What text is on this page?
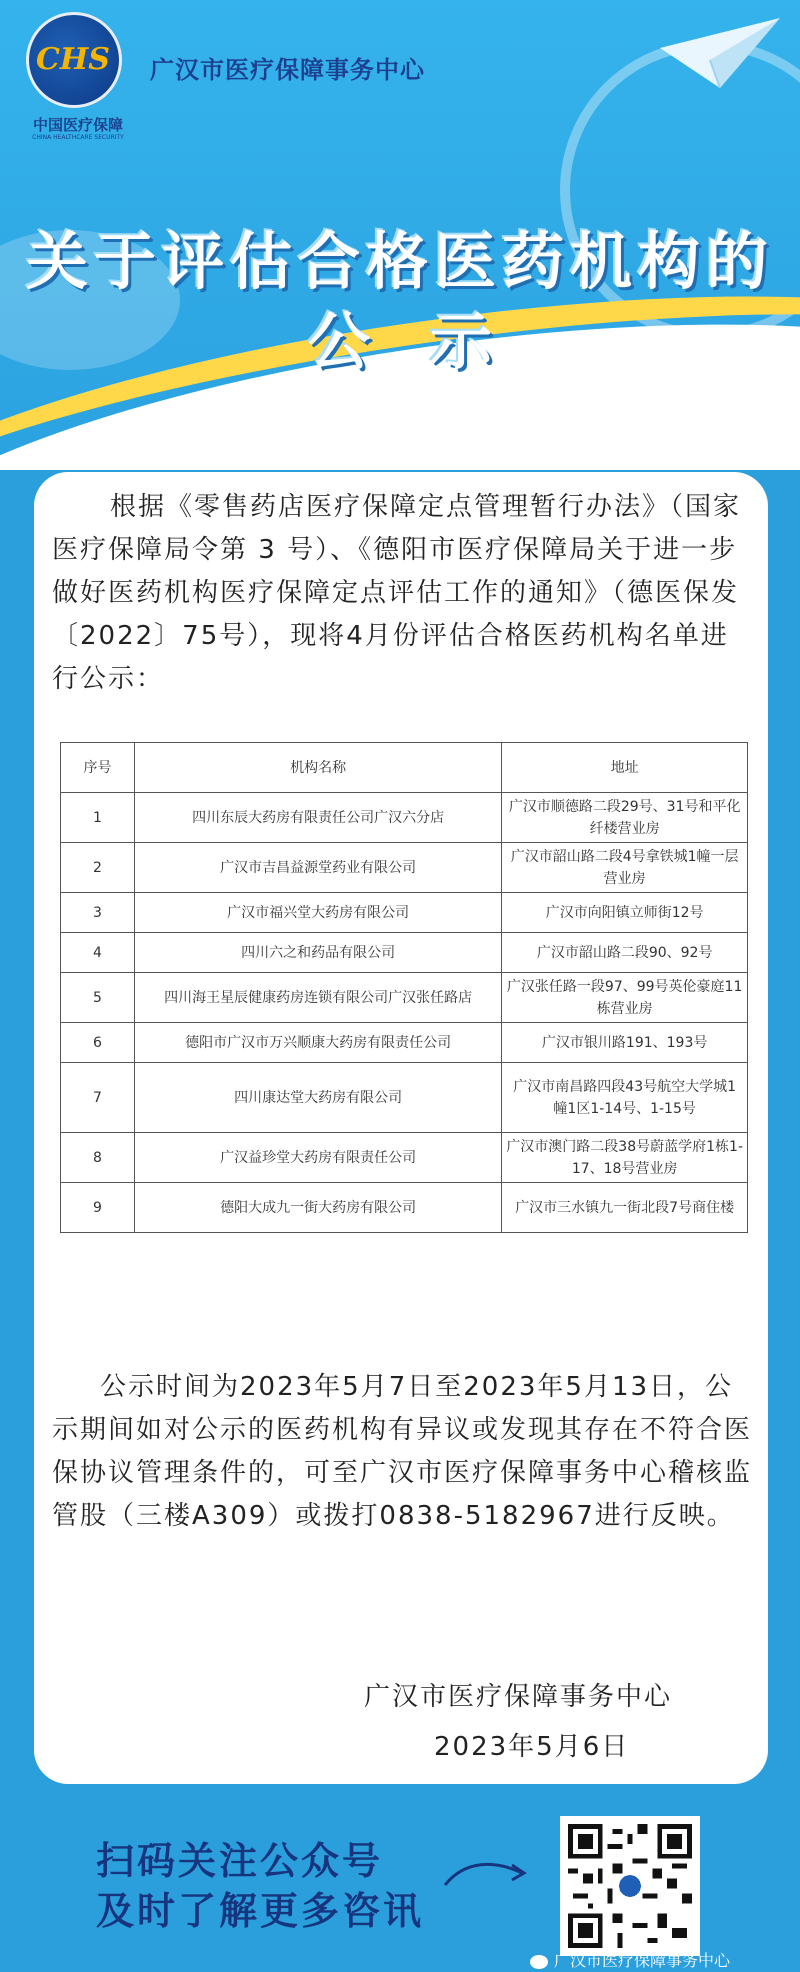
CHS
中国医疗保障
CHINA HEALTHCARE SECURITY
广汉市医疗保障事务中心
关于评估合格医药机构的
公示
根据《零售药店医疗保障定点管理暂行办法》（国家医疗保障局令第 3 号）、《德阳市医疗保障局关于进一步做好医药机构医疗保障定点评估工作的通知》（德医保发〔2022〕75号），现将4月份评估合格医药机构名单进行公示：
序号	机构名称	地址
1	四川东辰大药房有限责任公司广汉六分店	广汉市顺德路二段29号、31号和平化纤楼营业房
2	广汉市吉昌益源堂药业有限公司	广汉市韶山路二段4号拿铁城1幢一层营业房
3	广汉市福兴堂大药房有限公司	广汉市向阳镇立师街12号
4	四川六之和药品有限公司	广汉市韶山路二段90、92号
5	四川海王星辰健康药房连锁有限公司广汉张任路店	广汉张任路一段97、99号英伦豪庭11栋营业房
6	德阳市广汉市万兴顺康大药房有限责任公司	广汉市银川路191、193号
7	四川康达堂大药房有限公司	广汉市南昌路四段43号航空大学城1幢1区1-14号、1-15号
8	广汉益珍堂大药房有限责任公司	广汉市澳门路二段38号蔚蓝学府1栋1-17、18号营业房
9	德阳大成九一街大药房有限公司	广汉市三水镇九一街北段7号商住楼
公示时间为2023年5月7日至2023年5月13日，公示期间如对公示的医药机构有异议或发现其存在不符合医保协议管理条件的，可至广汉市医疗保障事务中心稽核监管股（三楼A309）或拨打0838-5182967进行反映。
广汉市医疗保障事务中心
2023年5月6日
扫码关注公众号
及时了解更多咨讯
广汉市医疗保障事务中心
